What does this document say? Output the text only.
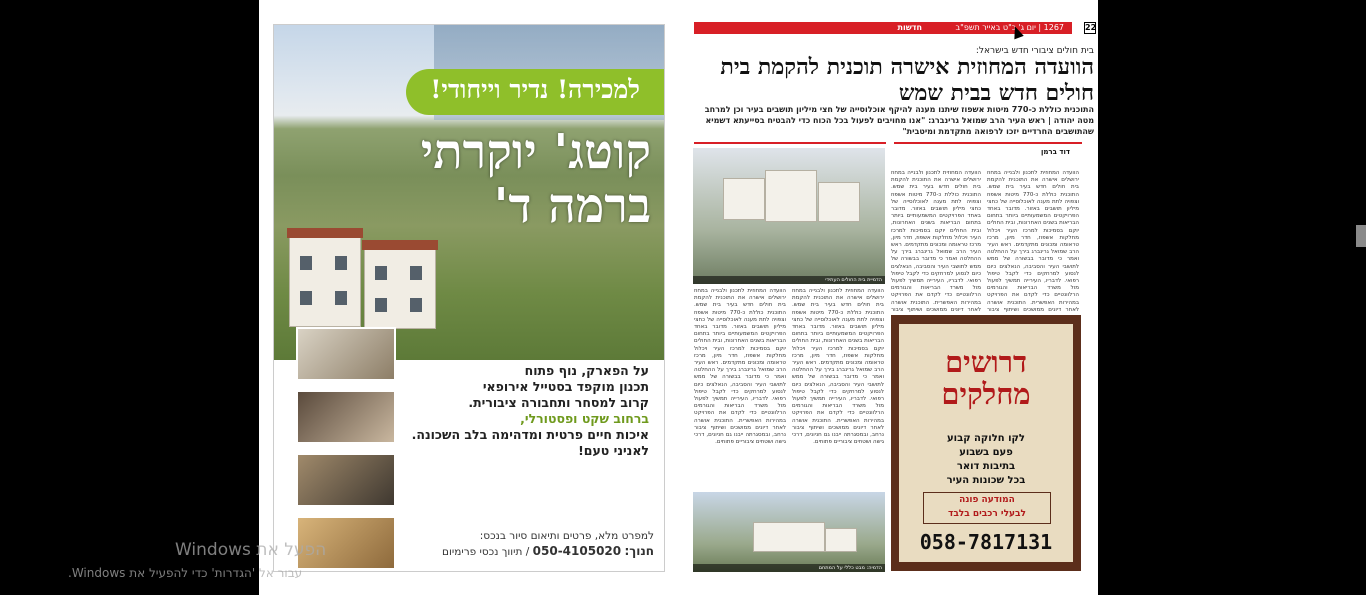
למכירה! נדיר וייחודי!
קוטג' יוקרתי ברמה ד'
על הפארק, נוף פתוח
תכנון מוקפד בסטייל אירופאי
קרוב למסחר ותחבורה ציבורית.
ברחוב שקט ופסטורלי,
איכות חיים פרטית ומדהימה בלב השכונה.
לאניני טעם!
למפרט מלא, פרטים ותיאום סיור בנכס:
חנוך: 050-4105020 / תיווך נכסי פרימיום
חדשות	1267 | יום ג' כ"ט באייר תשפ"ב	22
בית חולים ציבורי חדש בישראל:
הוועדה המחוזית אישרה תוכנית להקמת בית חולים חדש בבית שמש
התוכנית כוללת כ-770 מיטות אשפוז שיתנו מענה להיקף אוכלוסייה של חצי מיליון תושבים בעיר וכן למרחב מטה יהודה | ראש העיר הרב שמואל גרינברג: "אנו מחויבים לפעול בכל הכוח כדי להבטיח בסייעתא דשמיא שהתושבים החרדיים יזכו לרפואה מתקדמת ומיטבית"
הדמיית בית החולים העתידי
הוועדה המחוזית לתכנון ולבנייה במחוז ירושלים אישרה את התוכנית להקמת בית חולים חדש בעיר בית שמש. התוכנית כוללת כ-770 מיטות אשפוז וצפויה לתת מענה לאוכלוסייה של כחצי מיליון תושבים באזור. מדובר באחד הפרויקטים המשמעותיים ביותר בתחום הבריאות בשנים האחרונות, ובית החולים יוקם בסמיכות למרכז העיר ויכלול מחלקות אשפוז, חדר מיון, מרכז טראומה ומכונים מתקדמים. ראש העיר הרב שמואל גרינברג בירך על ההחלטה ואמר כי מדובר בבשורה של ממש לתושבי העיר והסביבה, הנאלצים כיום לנסוע למרחקים כדי לקבל טיפול רפואי. לדבריו, העירייה תמשיך לפעול מול משרד הבריאות והגורמים הרלוונטיים כדי לקדם את הפרויקט במהירות האפשרית. התוכנית אושרה לאחר דיונים ממושכים ושיתוף ציבור
הוועדה המחוזית לתכנון ולבנייה במחוז ירושלים אישרה את התוכנית להקמת בית חולים חדש בעיר בית שמש. התוכנית כוללת כ-770 מיטות אשפוז וצפויה לתת מענה לאוכלוסייה של כחצי מיליון תושבים באזור. מדובר באחד הפרויקטים המשמעותיים ביותר בתחום הבריאות בשנים האחרונות, ובית החולים יוקם בסמיכות למרכז העיר ויכלול מחלקות אשפוז, חדר מיון, מרכז טראומה ומכונים מתקדמים. ראש העיר הרב שמואל גרינברג בירך על ההחלטה ואמר כי מדובר בבשורה של ממש לתושבי העיר והסביבה, הנאלצים כיום לנסוע למרחקים כדי לקבל טיפול רפואי. לדבריו, העירייה תמשיך לפעול מול משרד הבריאות והגורמים הרלוונטיים כדי לקדם את הפרויקט במהירות האפשרית. התוכנית אושרה לאחר דיונים ממושכים ושיתוף ציבור נרחב, ובמסגרתה ייבנו גם חניונים, דרכי גישה ושטחים ציבוריים פתוחים.
הוועדה המחוזית לתכנון ולבנייה במחוז ירושלים אישרה את התוכנית להקמת בית חולים חדש בעיר בית שמש. התוכנית כוללת כ-770 מיטות אשפוז וצפויה לתת מענה לאוכלוסייה של כחצי מיליון תושבים באזור. מדובר באחד הפרויקטים המשמעותיים ביותר בתחום הבריאות בשנים האחרונות, ובית החולים יוקם בסמיכות למרכז העיר ויכלול מחלקות אשפוז, חדר מיון, מרכז טראומה ומכונים מתקדמים. ראש העיר הרב שמואל גרינברג בירך על ההחלטה ואמר כי מדובר בבשורה של ממש לתושבי העיר והסביבה, הנאלצים כיום לנסוע למרחקים כדי לקבל טיפול רפואי. לדבריו, העירייה תמשיך לפעול מול משרד הבריאות והגורמים הרלוונטיים כדי לקדם את הפרויקט במהירות האפשרית. התוכנית אושרה לאחר דיונים ממושכים ושיתוף ציבור נרחב, ובמסגרתה ייבנו גם חניונים, דרכי גישה ושטחים ציבוריים פתוחים.
הוועדה המחוזית לתכנון ולבנייה במחוז ירושלים אישרה את התוכנית להקמת בית חולים חדש בעיר בית שמש. התוכנית כוללת כ-770 מיטות אשפוז וצפויה לתת מענה לאוכלוסייה של כחצי מיליון תושבים באזור. מדובר באחד הפרויקטים המשמעותיים ביותר בתחום הבריאות בשנים האחרונות, ובית החולים יוקם בסמיכות למרכז העיר ויכלול מחלקות אשפוז, חדר מיון, מרכז טראומה ומכונים מתקדמים. ראש העיר הרב שמואל גרינברג בירך על ההחלטה ואמר כי מדובר בבשורה של ממש לתושבי העיר והסביבה, הנאלצים כיום לנסוע למרחקים כדי לקבל טיפול רפואי. לדבריו, העירייה תמשיך לפעול מול משרד הבריאות והגורמים הרלוונטיים כדי לקדם את הפרויקט במהירות האפשרית. התוכנית אושרה לאחר דיונים ממושכים ושיתוף ציבור
דוד ברמן
הדמיה: מבט כללי על המתחם
דרושים מחלקים
לקו חלוקה קבוע
פעם בשבוע
בתיבות דואר
בכל שכונות העיר
המודעה פונה
לבעלי רכבים בלבד
058-7817131
הפעל את Windows
עבור אל 'הגדרות' כדי להפעיל את Windows.
